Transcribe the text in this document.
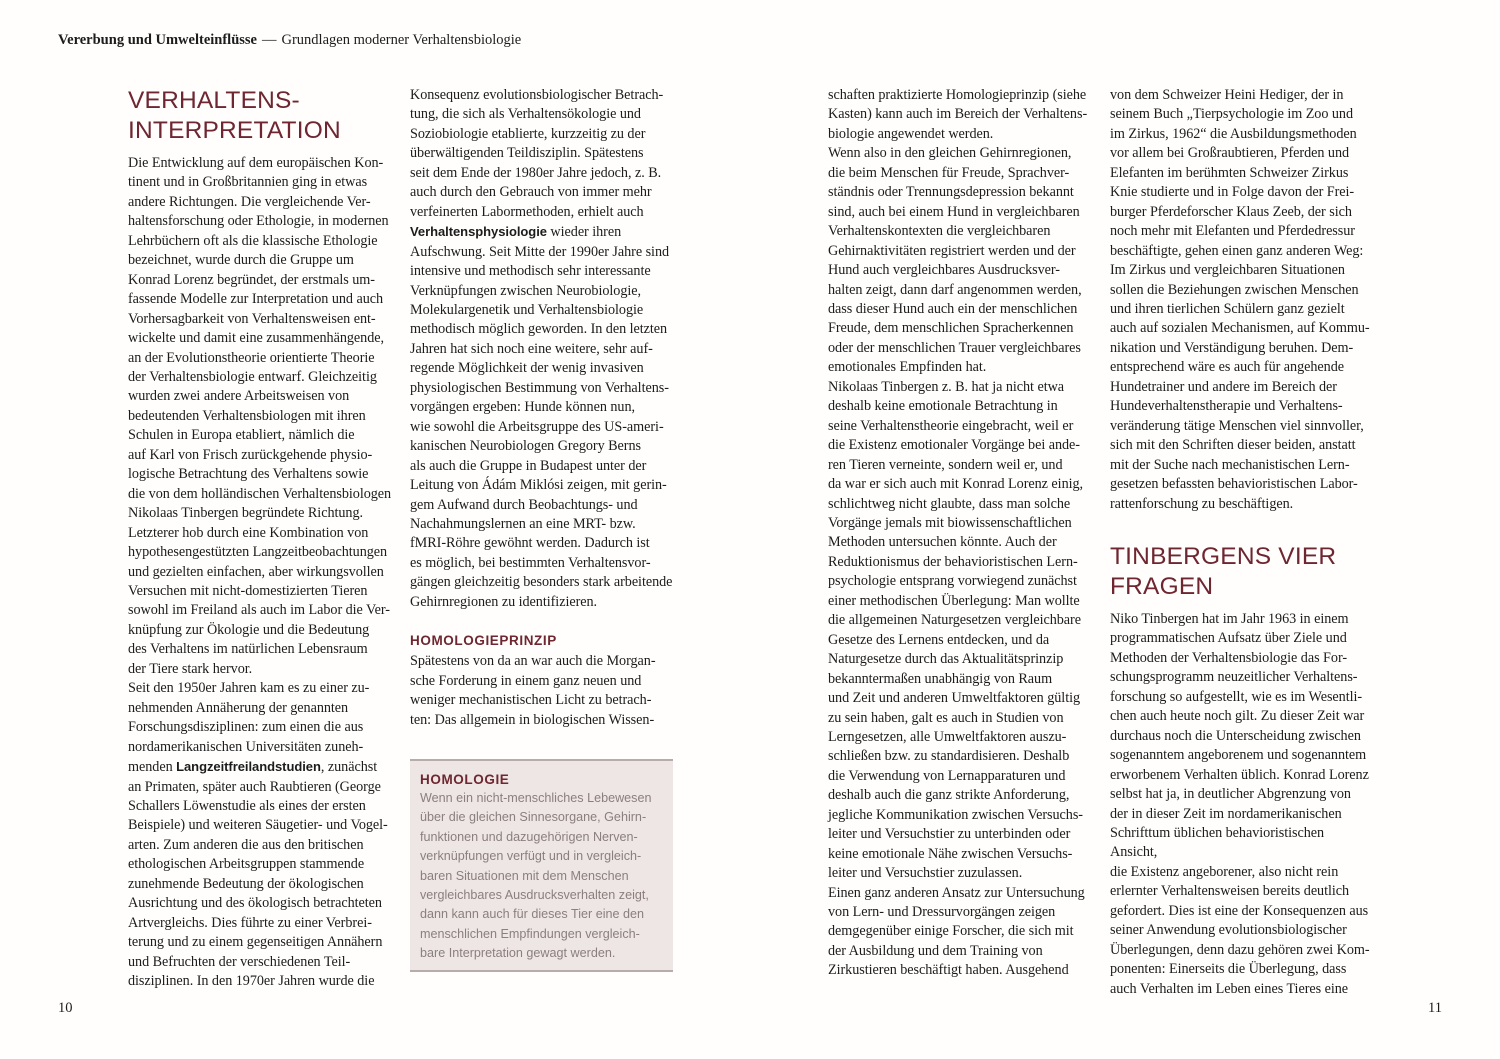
Vererbung und Umwelteinflüsse — Grundlagen moderner Verhaltensbiologie
VERHALTENS-
INTERPRETATION

Die Entwicklung auf dem europäischen Kon-
tinent und in Großbritannien ging in etwas
andere Richtungen. Die vergleichende Ver-
haltensforschung oder Ethologie, in modernen
Lehrbüchern oft als die klassische Ethologie
bezeichnet, wurde durch die Gruppe um
Konrad Lorenz begründet, der erstmals um-
fassende Modelle zur Interpretation und auch
Vorhersagbarkeit von Verhaltensweisen ent-
wickelte und damit eine zusammenhängende,
an der Evolutionstheorie orientierte Theorie
der Verhaltensbiologie entwarf. Gleichzeitig
wurden zwei andere Arbeitsweisen von
bedeutenden Verhaltensbiologen mit ihren
Schulen in Europa etabliert, nämlich die
auf Karl von Frisch zurückgehende physio-
logische Betrachtung des Verhaltens sowie
die von dem holländischen Verhaltensbiologen
Nikolaas Tinbergen begründete Richtung.
Letzterer hob durch eine Kombination von
hypothesengestützten Langzeitbeobachtungen
und gezielten einfachen, aber wirkungsvollen
Versuchen mit nicht-domestizierten Tieren
sowohl im Freiland als auch im Labor die Ver-
knüpfung zur Ökologie und die Bedeutung
des Verhaltens im natürlichen Lebensraum
der Tiere stark hervor.

Seit den 1950er Jahren kam es zu einer zu-
nehmenden Annäherung der genannten
Forschungsdisziplinen: zum einen die aus
nordamerikanischen Universitäten zuneh-
menden Langzeitfreilandstudien, zunächst
an Primaten, später auch Raubtieren (George
Schallers Löwenstudie als eines der ersten
Beispiele) und weiteren Säugetier- und Vogel-
arten. Zum anderen die aus den britischen
ethologischen Arbeitsgruppen stammende
zunehmende Bedeutung der ökologischen
Ausrichtung und des ökologisch betrachteten
Artvergleichs. Dies führte zu einer Verbrei-
terung und zu einem gegenseitigen Annähern
und Befruchten der verschiedenen Teil-
disziplinen. In den 1970er Jahren wurde die

Konsequenz evolutionsbiologischer Betrach-
tung, die sich als Verhaltensökologie und
Soziobiologie etablierte, kurzzeitig zu der
überwältigenden Teildisziplin. Spätestens
seit dem Ende der 1980er Jahre jedoch, z. B.
auch durch den Gebrauch von immer mehr
verfeinerten Labormethoden, erhielt auch
Verhaltensphysiologie wieder ihren
Aufschwung. Seit Mitte der 1990er Jahre sind
intensive und methodisch sehr interessante
Verknüpfungen zwischen Neurobiologie,
Molekulargenetik und Verhaltensbiologie
methodisch möglich geworden. In den letzten
Jahren hat sich noch eine weitere, sehr auf-
regende Möglichkeit der wenig invasiven
physiologischen Bestimmung von Verhaltens-
vorgängen ergeben: Hunde können nun,
wie sowohl die Arbeitsgruppe des US-ameri-
kanischen Neurobiologen Gregory Berns
als auch die Gruppe in Budapest unter der
Leitung von Ádám Miklósi zeigen, mit gerin-
gem Aufwand durch Beobachtungs- und
Nachahmungslernen an eine MRT- bzw.
fMRI-Röhre gewöhnt werden. Dadurch ist
es möglich, bei bestimmten Verhaltensvor-
gängen gleichzeitig besonders stark arbeitende
Gehirnregionen zu identifizieren.

HOMOLOGIEPRINZIP

Spätestens von da an war auch die Morgan-
sche Forderung in einem ganz neuen und
weniger mechanistischen Licht zu betrach-
ten: Das allgemein in biologischen Wissen-

HOMOLOGIE

Wenn ein nicht-menschliches Lebewesen
über die gleichen Sinnesorgane, Gehirn-
funktionen und dazugehörigen Nerven-
verknüpfungen verfügt und in vergleich-
baren Situationen mit dem Menschen
vergleichbares Ausdrucksverhalten zeigt,
dann kann auch für dieses Tier eine den
menschlichen Empfindungen vergleich-
bare Interpretation gewagt werden.

schaften praktizierte Homologieprinzip (siehe
Kasten) kann auch im Bereich der Verhaltens-
biologie angewendet werden.

Wenn also in den gleichen Gehirnregionen,
die beim Menschen für Freude, Sprachver-
ständnis oder Trennungsdepression bekannt
sind, auch bei einem Hund in vergleichbaren
Verhaltenskontexten die vergleichbaren
Gehirnaktivitäten registriert werden und der
Hund auch vergleichbares Ausdrucksver-
halten zeigt, dann darf angenommen werden,
dass dieser Hund auch ein der menschlichen
Freude, dem menschlichen Spracherkennen
oder der menschlichen Trauer vergleichbares
emotionales Empfinden hat.

Nikolaas Tinbergen z. B. hat ja nicht etwa
deshalb keine emotionale Betrachtung in
seine Verhaltenstheorie eingebracht, weil er
die Existenz emotionaler Vorgänge bei ande-
ren Tieren verneinte, sondern weil er, und
da war er sich auch mit Konrad Lorenz einig,
schlichtweg nicht glaubte, dass man solche
Vorgänge jemals mit biowissenschaftlichen
Methoden untersuchen könnte. Auch der
Reduktionismus der behavioristischen Lern-
psychologie entsprang vorwiegend zunächst
einer methodischen Überlegung: Man wollte
die allgemeinen Naturgesetzen vergleichbare
Gesetze des Lernens entdecken, und da
Naturgesetze durch das Aktualitätsprinzip
bekanntermaßen unabhängig von Raum
und Zeit und anderen Umweltfaktoren gültig
zu sein haben, galt es auch in Studien von
Lerngesetzen, alle Umweltfaktoren auszu-
schließen bzw. zu standardisieren. Deshalb
die Verwendung von Lernapparaturen und
deshalb auch die ganz strikte Anforderung,
jegliche Kommunikation zwischen Versuchs-
leiter und Versuchstier zu unterbinden oder
keine emotionale Nähe zwischen Versuchs-
leiter und Versuchstier zuzulassen.

Einen ganz anderen Ansatz zur Untersuchung
von Lern- und Dressurvorgängen zeigen
demgegenüber einige Forscher, die sich mit
der Ausbildung und dem Training von
Zirkustieren beschäftigt haben. Ausgehend

von dem Schweizer Heini Hediger, der in
seinem Buch „Tierpsychologie im Zoo und
im Zirkus, 1962“ die Ausbildungsmethoden
vor allem bei Großraubtieren, Pferden und
Elefanten im berühmten Schweizer Zirkus
Knie studierte und in Folge davon der Frei-
burger Pferdeforscher Klaus Zeeb, der sich
noch mehr mit Elefanten und Pferdedressur
beschäftigte, gehen einen ganz anderen Weg:
Im Zirkus und vergleichbaren Situationen
sollen die Beziehungen zwischen Menschen
und ihren tierlichen Schülern ganz gezielt
auch auf sozialen Mechanismen, auf Kommu-
nikation und Verständigung beruhen. Dem-
entsprechend wäre es auch für angehende
Hundetrainer und andere im Bereich der
Hundeverhaltenstherapie und Verhaltens-
veränderung tätige Menschen viel sinnvoller,
sich mit den Schriften dieser beiden, anstatt
mit der Suche nach mechanistischen Lern-
gesetzen befassten behavioristischen Labor-
rattenforschung zu beschäftigen.

TINBERGENS VIER
FRAGEN

Niko Tinbergen hat im Jahr 1963 in einem
programmatischen Aufsatz über Ziele und
Methoden der Verhaltensbiologie das For-
schungsprogramm neuzeitlicher Verhaltens-
forschung so aufgestellt, wie es im Wesentli-
chen auch heute noch gilt. Zu dieser Zeit war
durchaus noch die Unterscheidung zwischen
sogenanntem angeborenem und sogenanntem
erworbenem Verhalten üblich. Konrad Lorenz
selbst hat ja, in deutlicher Abgrenzung von
der in dieser Zeit im nordamerikanischen
Schrifttum üblichen behavioristischen Ansicht,
die Existenz angeborener, also nicht rein
erlernter Verhaltensweisen bereits deutlich
gefordert. Dies ist eine der Konsequenzen aus
seiner Anwendung evolutionsbiologischer
Überlegungen, denn dazu gehören zwei Kom-
ponenten: Einerseits die Überlegung, dass
auch Verhalten im Leben eines Tieres eine

10	11
